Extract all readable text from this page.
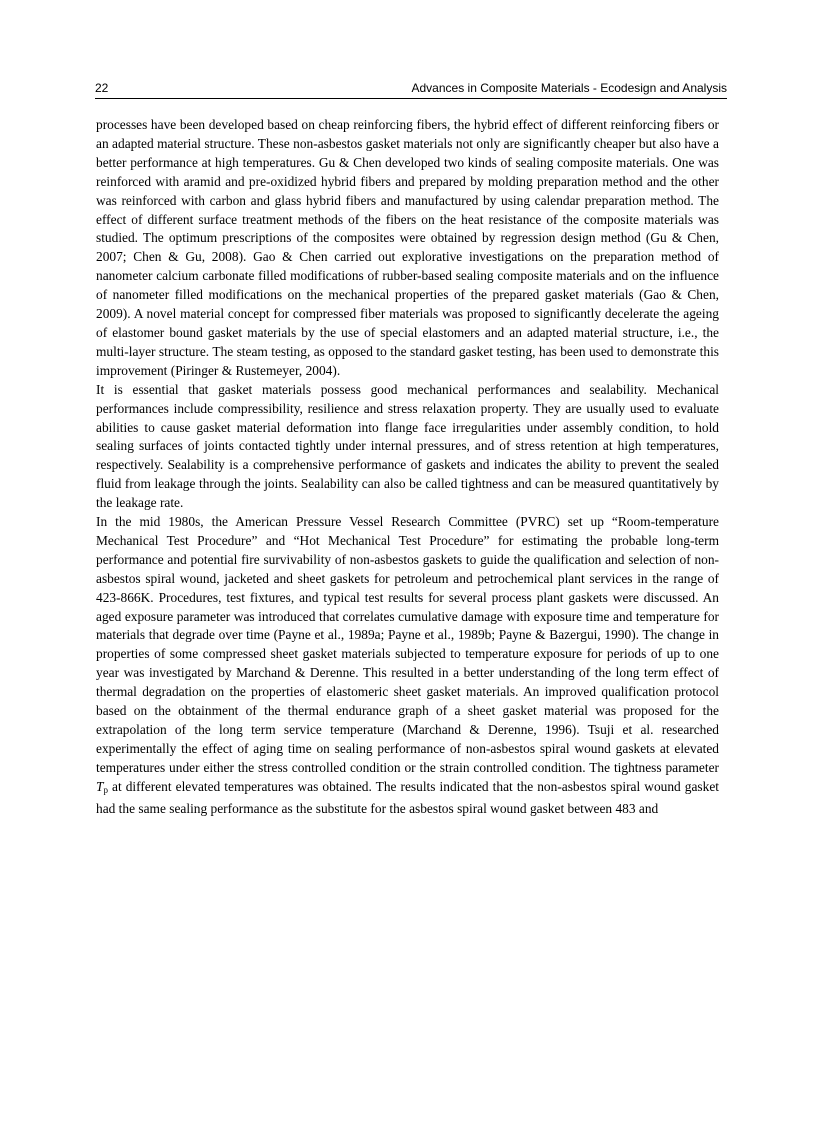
22	Advances in Composite Materials - Ecodesign and Analysis

processes have been developed based on cheap reinforcing fibers, the hybrid effect of different reinforcing fibers or an adapted material structure. These non-asbestos gasket materials not only are significantly cheaper but also have a better performance at high temperatures. Gu & Chen developed two kinds of sealing composite materials. One was reinforced with aramid and pre-oxidized hybrid fibers and prepared by molding preparation method and the other was reinforced with carbon and glass hybrid fibers and manufactured by using calendar preparation method. The effect of different surface treatment methods of the fibers on the heat resistance of the composite materials was studied. The optimum prescriptions of the composites were obtained by regression design method (Gu & Chen, 2007; Chen & Gu, 2008). Gao & Chen carried out explorative investigations on the preparation method of nanometer calcium carbonate filled modifications of rubber-based sealing composite materials and on the influence of nanometer filled modifications on the mechanical properties of the prepared gasket materials (Gao & Chen, 2009). A novel material concept for compressed fiber materials was proposed to significantly decelerate the ageing of elastomer bound gasket materials by the use of special elastomers and an adapted material structure, i.e., the multi-layer structure. The steam testing, as opposed to the standard gasket testing, has been used to demonstrate this improvement (Piringer & Rustemeyer, 2004).

It is essential that gasket materials possess good mechanical performances and sealability. Mechanical performances include compressibility, resilience and stress relaxation property. They are usually used to evaluate abilities to cause gasket material deformation into flange face irregularities under assembly condition, to hold sealing surfaces of joints contacted tightly under internal pressures, and of stress retention at high temperatures, respectively. Sealability is a comprehensive performance of gaskets and indicates the ability to prevent the sealed fluid from leakage through the joints. Sealability can also be called tightness and can be measured quantitatively by the leakage rate.

In the mid 1980s, the American Pressure Vessel Research Committee (PVRC) set up “Room-temperature Mechanical Test Procedure” and “Hot Mechanical Test Procedure” for estimating the probable long-term performance and potential fire survivability of non-asbestos gaskets to guide the qualification and selection of non-asbestos spiral wound, jacketed and sheet gaskets for petroleum and petrochemical plant services in the range of 423-866K. Procedures, test fixtures, and typical test results for several process plant gaskets were discussed. An aged exposure parameter was introduced that correlates cumulative damage with exposure time and temperature for materials that degrade over time (Payne et al., 1989a; Payne et al., 1989b; Payne & Bazergui, 1990). The change in properties of some compressed sheet gasket materials subjected to temperature exposure for periods of up to one year was investigated by Marchand & Derenne. This resulted in a better understanding of the long term effect of thermal degradation on the properties of elastomeric sheet gasket materials. An improved qualification protocol based on the obtainment of the thermal endurance graph of a sheet gasket material was proposed for the extrapolation of the long term service temperature (Marchand & Derenne, 1996). Tsuji et al. researched experimentally the effect of aging time on sealing performance of non-asbestos spiral wound gaskets at elevated temperatures under either the stress controlled condition or the strain controlled condition. The tightness parameter $T_p$ at different elevated temperatures was obtained. The results indicated that the non-asbestos spiral wound gasket had the same sealing performance as the substitute for the asbestos spiral wound gasket between 483 and
